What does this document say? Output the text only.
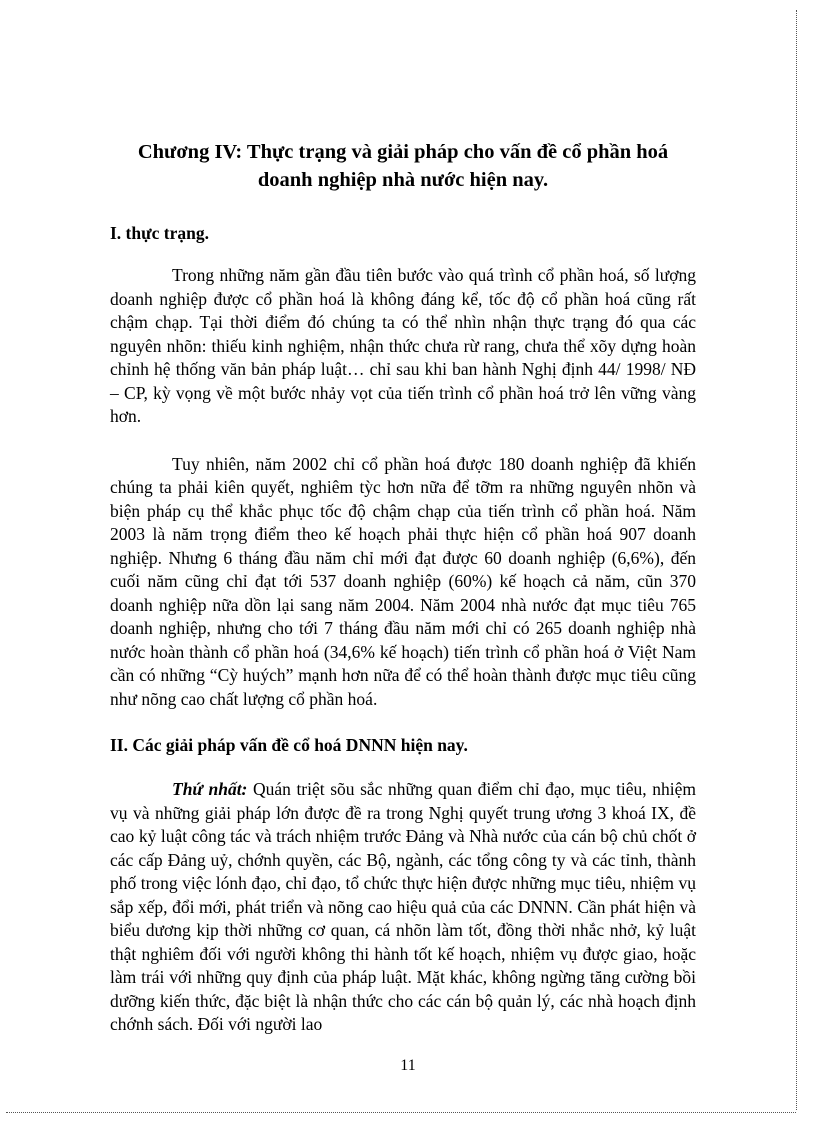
Chương IV: Thực trạng và giải pháp cho vấn đề cổ phần hoá doanh nghiệp nhà nước hiện nay.
I. thực trạng.

Trong những năm gần đầu tiên bước vào quá trình cổ phần hoá, số lượng doanh nghiệp được cổ phần hoá là không đáng kể, tốc độ cổ phần hoá cũng rất chậm chạp. Tại thời điểm đó chúng ta có thể nhìn nhận thực trạng đó qua các nguyên nhõn: thiếu kinh nghiệm, nhận thức chưa rừ rang, chưa thể xõy dựng hoàn chỉnh hệ thống văn bản pháp luật… chỉ sau khi ban hành Nghị định 44/ 1998/ NĐ – CP, kỳ vọng về một bước nhảy vọt của tiến trình cổ phần hoá trở lên vững vàng hơn.

Tuy nhiên, năm 2002 chỉ cổ phần hoá được 180 doanh nghiệp đã khiến chúng ta phải kiên quyết, nghiêm tỳc hơn nữa để tỡm ra những nguyên nhõn và biện pháp cụ thể khắc phục tốc độ chậm chạp của tiến trình cổ phần hoá. Năm 2003 là năm trọng điểm theo kế hoạch phải thực hiện cổ phần hoá 907 doanh nghiệp. Nhưng 6 tháng đầu năm chỉ mới đạt được 60 doanh nghiệp (6,6%), đến cuối năm cũng chỉ đạt tới 537 doanh nghiệp (60%) kế hoạch cả năm, cũn 370 doanh nghiệp nữa dồn lại sang năm 2004. Năm 2004 nhà nước đạt mục tiêu 765 doanh nghiệp, nhưng cho tới 7 tháng đầu năm mới chỉ có 265 doanh nghiệp nhà nước hoàn thành cổ phần hoá (34,6% kế hoạch) tiến trình cổ phần hoá ở Việt Nam cần có những “Cỳ huých” mạnh hơn nữa để có thể hoàn thành được mục tiêu cũng như nõng cao chất lượng cổ phần hoá.

II. Các giải pháp vấn đề cổ hoá DNNN hiện nay.

Thứ nhất: Quán triệt sõu sắc những quan điểm chỉ đạo, mục tiêu, nhiệm vụ và những giải pháp lớn được đề ra trong Nghị quyết trung ương 3 khoá IX, đề cao kỷ luật công tác và trách nhiệm trước Đảng và Nhà nước của cán bộ chủ chốt ở các cấp Đảng uỷ, chớnh quyền, các Bộ, ngành, các tổng công ty và các tỉnh, thành phố trong việc lónh đạo, chỉ đạo, tổ chức thực hiện được những mục tiêu, nhiệm vụ sắp xếp, đổi mới, phát triển và nõng cao hiệu quả của các DNNN. Cần phát hiện và biểu dương kịp thời những cơ quan, cá nhõn làm tốt, đồng thời nhắc nhở, kỷ luật thật nghiêm đối với người không thi hành tốt kế hoạch, nhiệm vụ được giao, hoặc làm trái với những quy định của pháp luật. Mặt khác, không ngừng tăng cường bồi dưỡng kiến thức, đặc biệt là nhận thức cho các cán bộ quản lý, các nhà hoạch định chớnh sách. Đối với người lao

11
